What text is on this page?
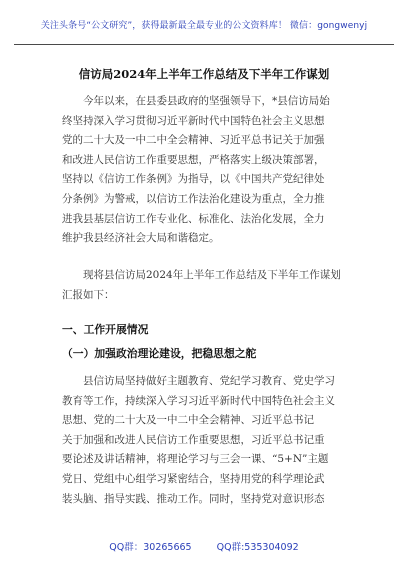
关注头条号“公文研究”，获得最新最全最专业的公文资料库！ 微信：gongwenyj
信访局2024年上半年工作总结及下半年工作谋划
今年以来，在县委县政府的坚强领导下，*县信访局始
终坚持深入学习贯彻习近平新时代中国特色社会主义思想
党的二十大及一中二中全会精神、习近平总书记关于加强
和改进人民信访工作重要思想，严格落实上级决策部署，
坚持以《信访工作条例》为指导，以《中国共产党纪律处
分条例》为警戒，以信访工作法治化建设为重点，全力推
进我县基层信访工作专业化、标准化、法治化发展，全力
维护我县经济社会大局和谐稳定。
现将县信访局2024年上半年工作总结及下半年工作谋划
汇报如下：
一、工作开展情况
（一）加强政治理论建设，把稳思想之舵
县信访局坚持做好主题教育、党纪学习教育、党史学习
教育等工作，持续深入学习习近平新时代中国特色社会主义
思想、党的二十大及一中二中全会精神、习近平总书记
关于加强和改进人民信访工作重要思想，习近平总书记重
要论述及讲话精神，将理论学习与三会一课、“5+N”主题
党日、党组中心组学习紧密结合，坚持用党的科学理论武
装头脑、指导实践、推动工作。同时，坚持党对意识形态
QQ群：30265665	QQ群:535304092
